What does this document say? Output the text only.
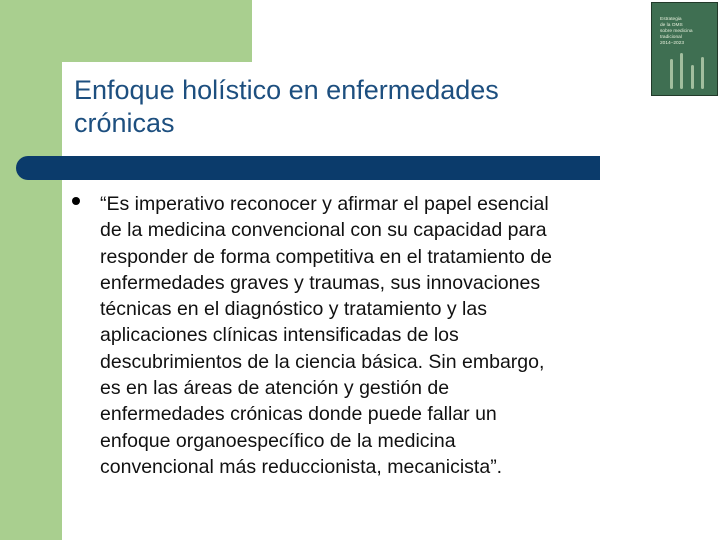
Enfoque holístico en enfermedades
crónicas
Estrategia
de la OMS
sobre medicina
tradicional
2014–2023

“Es imperativo reconocer y afirmar el papel esencial
de la medicina convencional con su capacidad para
responder de forma competitiva en el tratamiento de
enfermedades graves y traumas, sus innovaciones
técnicas en el diagnóstico y tratamiento y las
aplicaciones clínicas intensificadas de los
descubrimientos de la ciencia básica. Sin embargo,
es en las áreas de atención y gestión de
enfermedades crónicas donde puede fallar un
enfoque organoespecífico de la medicina
convencional más reduccionista, mecanicista”.
